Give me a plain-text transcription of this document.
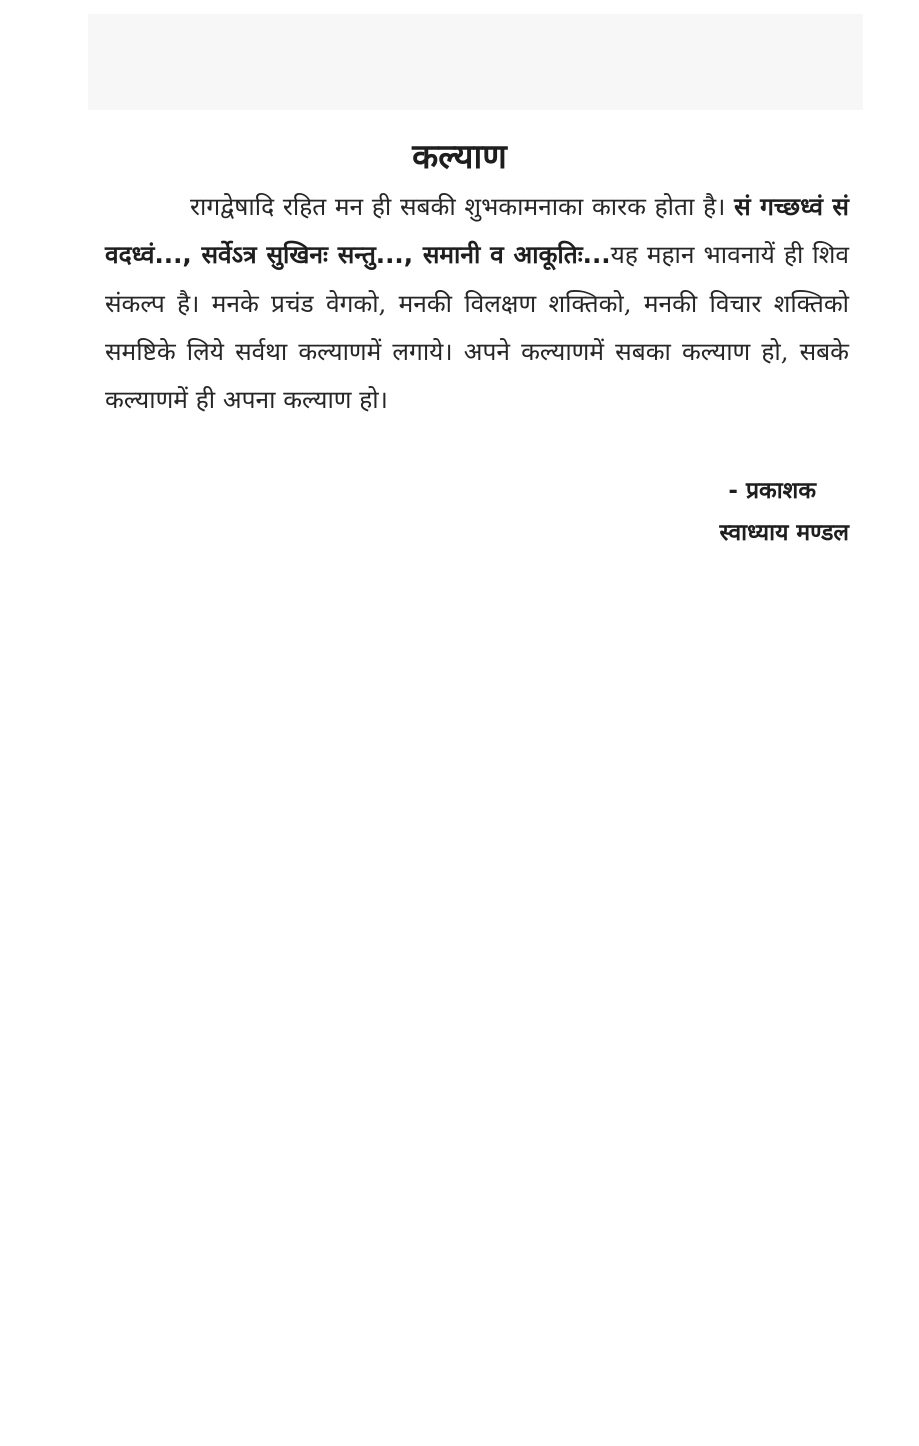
कल्याण

रागद्वेषादि रहित मन ही सबकी शुभकामनाका कारक होता है। सं गच्छध्वं सं वदध्वं..., सर्वेऽत्र सुखिनः सन्तु..., समानी व आकूतिः...यह महान भावनायें ही शिव संकल्प है। मनके प्रचंड वेगको, मनकी विलक्षण शक्तिको, मनकी विचार शक्तिको समष्टिके लिये सर्वथा कल्याणमें लगाये। अपने कल्याणमें सबका कल्याण हो, सबके कल्याणमें ही अपना कल्याण हो।

- प्रकाशक
स्वाध्याय मण्डल
